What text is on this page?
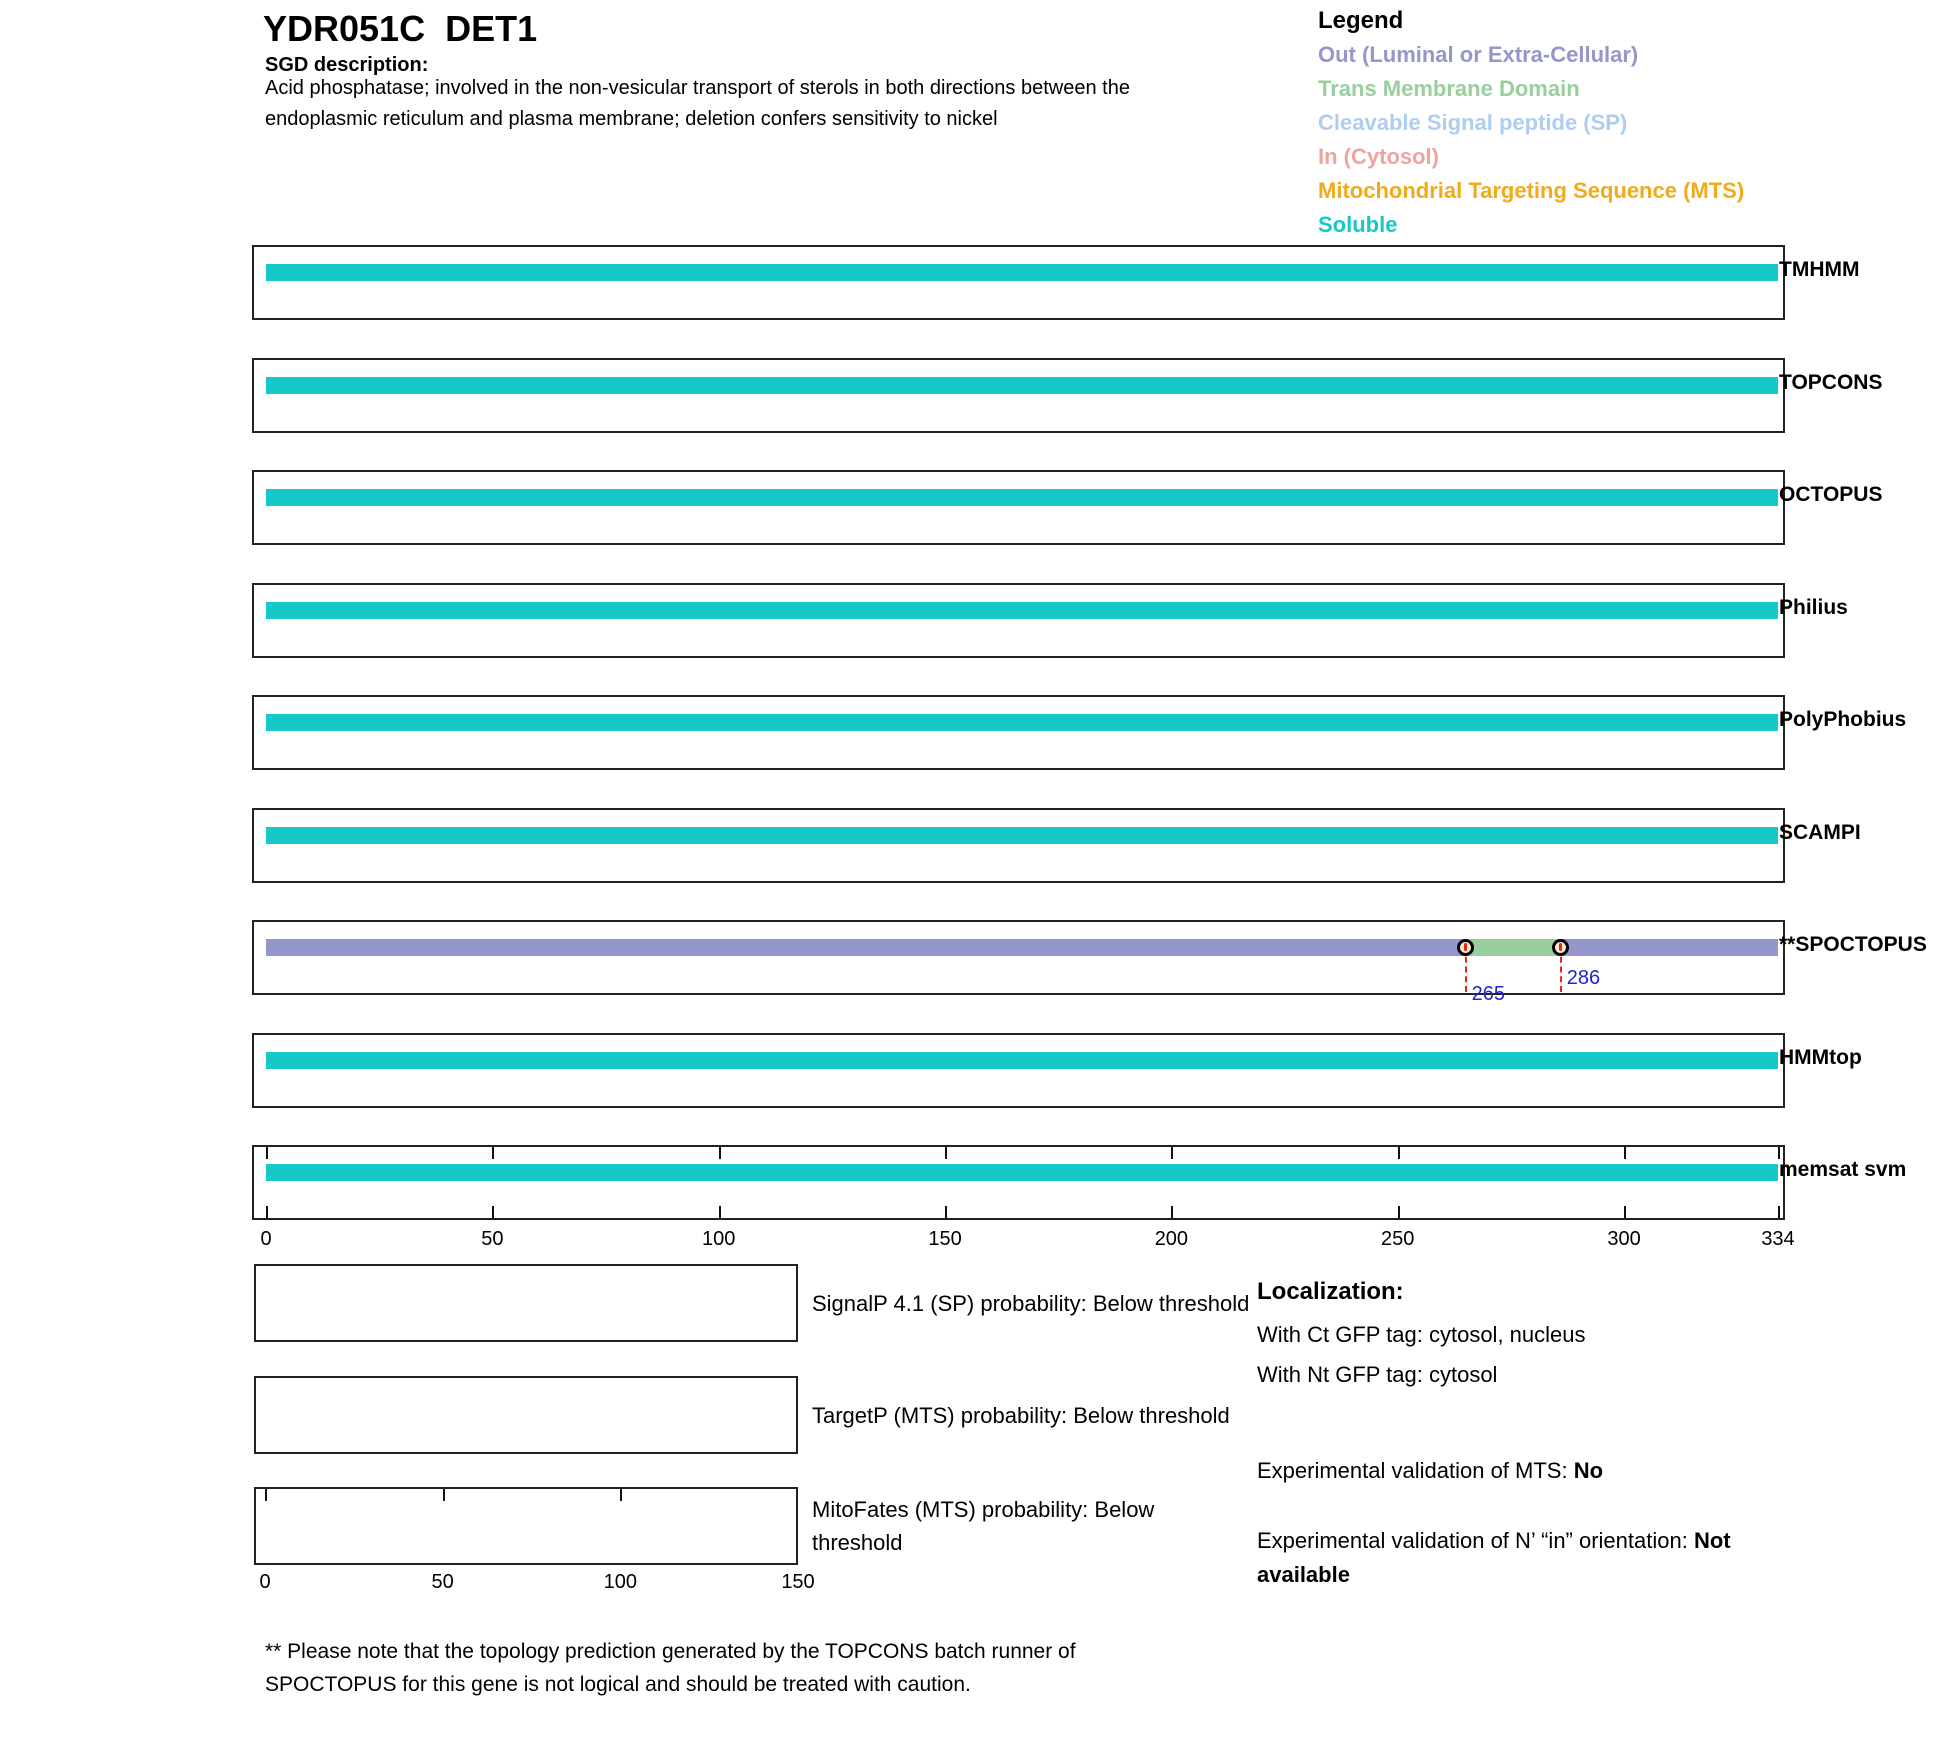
YDR051C  DET1
SGD description:
Acid phosphatase; involved in the non-vesicular transport of sterols in both directions between the
endoplasmic reticulum and plasma membrane; deletion confers sensitivity to nickel
Legend
Out (Luminal or Extra-Cellular)
Trans Membrane Domain
Cleavable Signal peptide (SP)
In (Cytosol)
Mitochondrial Targeting Sequence (MTS)
Soluble
TMHMM
TOPCONS
OCTOPUS
Philius
PolyPhobius
SCAMPI
265
286
**SPOCTOPUS
HMMtop
memsat svm
0	50	100	150	200	250	300	334
SignalP 4.1 (SP) probability: Below threshold
TargetP (MTS) probability: Below threshold
0	50	100	150
MitoFates (MTS) probability: Below
threshold
Localization:
With Ct GFP tag: cytosol, nucleus
With Nt GFP tag: cytosol
Experimental validation of MTS: No
Experimental validation of N’ “in” orientation: Not available
** Please note that the topology prediction generated by the TOPCONS batch runner of
SPOCTOPUS for this gene is not logical and should be treated with caution.
